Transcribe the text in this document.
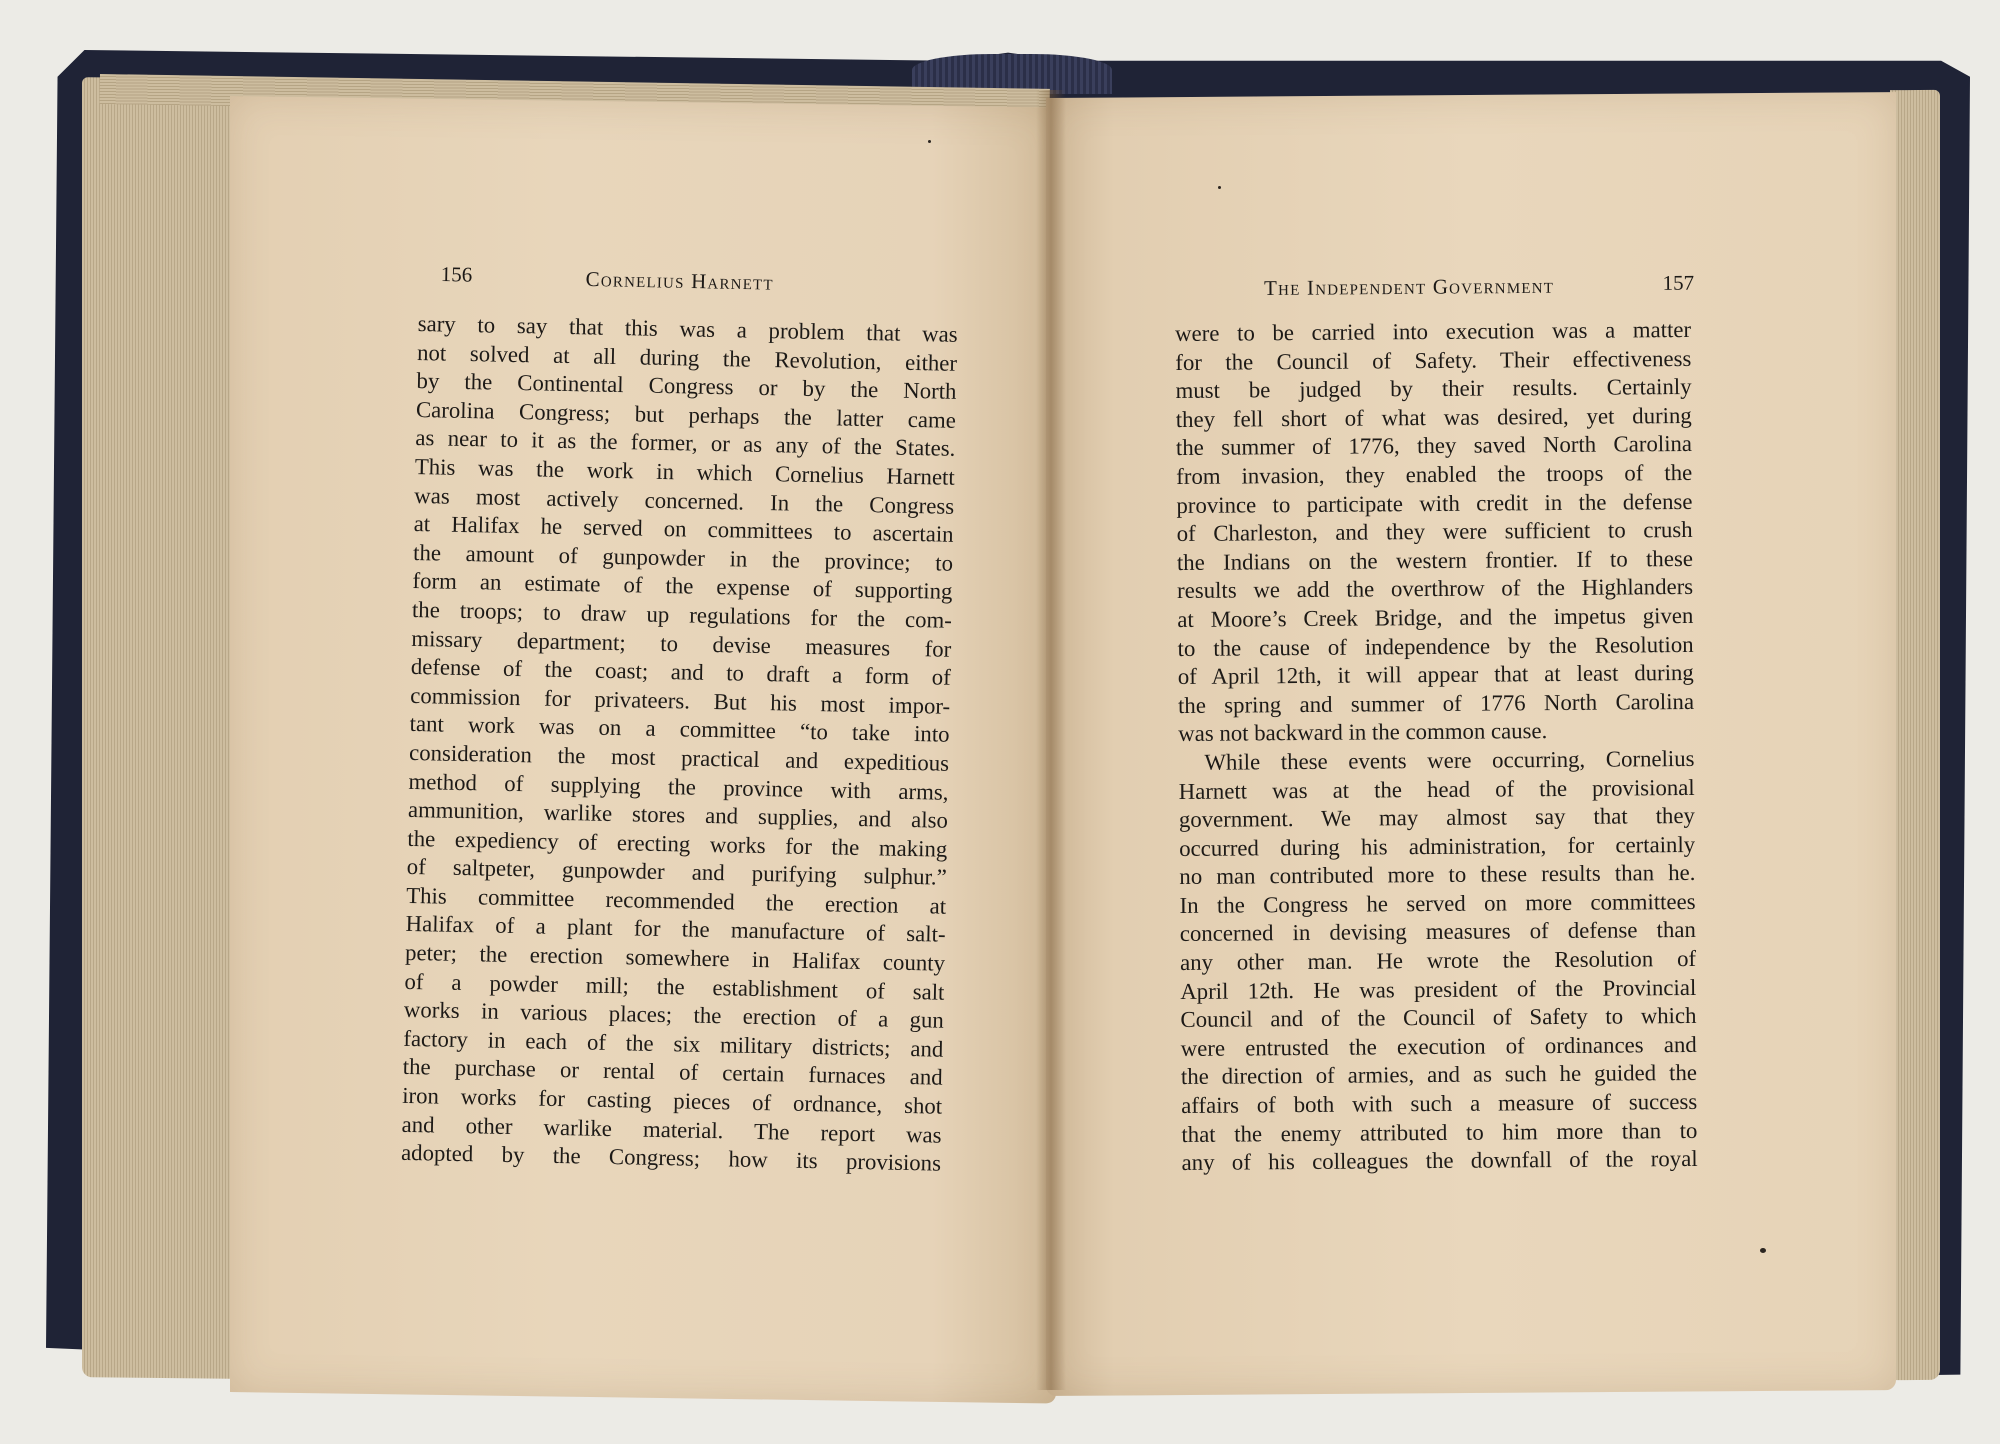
156	Cornelius Harnett	The Independent Government	157
sary to say that this was a problem that was
not solved at all during the Revolution, either
by the Continental Congress or by the North
Carolina Congress; but perhaps the latter came
as near to it as the former, or as any of the States.
This was the work in which Cornelius Harnett
was most actively concerned. In the Congress
at Halifax he served on committees to ascertain
the amount of gunpowder in the province; to
form an estimate of the expense of supporting
the troops; to draw up regulations for the com-
missary department; to devise measures for
defense of the coast; and to draft a form of
commission for privateers. But his most impor-
tant work was on a committee “to take into
consideration the most practical and expeditious
method of supplying the province with arms,
ammunition, warlike stores and supplies, and also
the expediency of erecting works for the making
of saltpeter, gunpowder and purifying sulphur.”
This committee recommended the erection at
Halifax of a plant for the manufacture of salt-
peter; the erection somewhere in Halifax county
of a powder mill; the establishment of salt
works in various places; the erection of a gun
factory in each of the six military districts; and
the purchase or rental of certain furnaces and
iron works for casting pieces of ordnance, shot
and other warlike material. The report was
adopted by the Congress; how its provisions
were to be carried into execution was a matter
for the Council of Safety. Their effectiveness
must be judged by their results. Certainly
they fell short of what was desired, yet during
the summer of 1776, they saved North Carolina
from invasion, they enabled the troops of the
province to participate with credit in the defense
of Charleston, and they were sufficient to crush
the Indians on the western frontier. If to these
results we add the overthrow of the Highlanders
at Moore’s Creek Bridge, and the impetus given
to the cause of independence by the Resolution
of April 12th, it will appear that at least during
the spring and summer of 1776 North Carolina
was not backward in the common cause.
While these events were occurring, Cornelius
Harnett was at the head of the provisional
government. We may almost say that they
occurred during his administration, for certainly
no man contributed more to these results than he.
In the Congress he served on more committees
concerned in devising measures of defense than
any other man. He wrote the Resolution of
April 12th. He was president of the Provincial
Council and of the Council of Safety to which
were entrusted the execution of ordinances and
the direction of armies, and as such he guided the
affairs of both with such a measure of success
that the enemy attributed to him more than to
any of his colleagues the downfall of the royal
